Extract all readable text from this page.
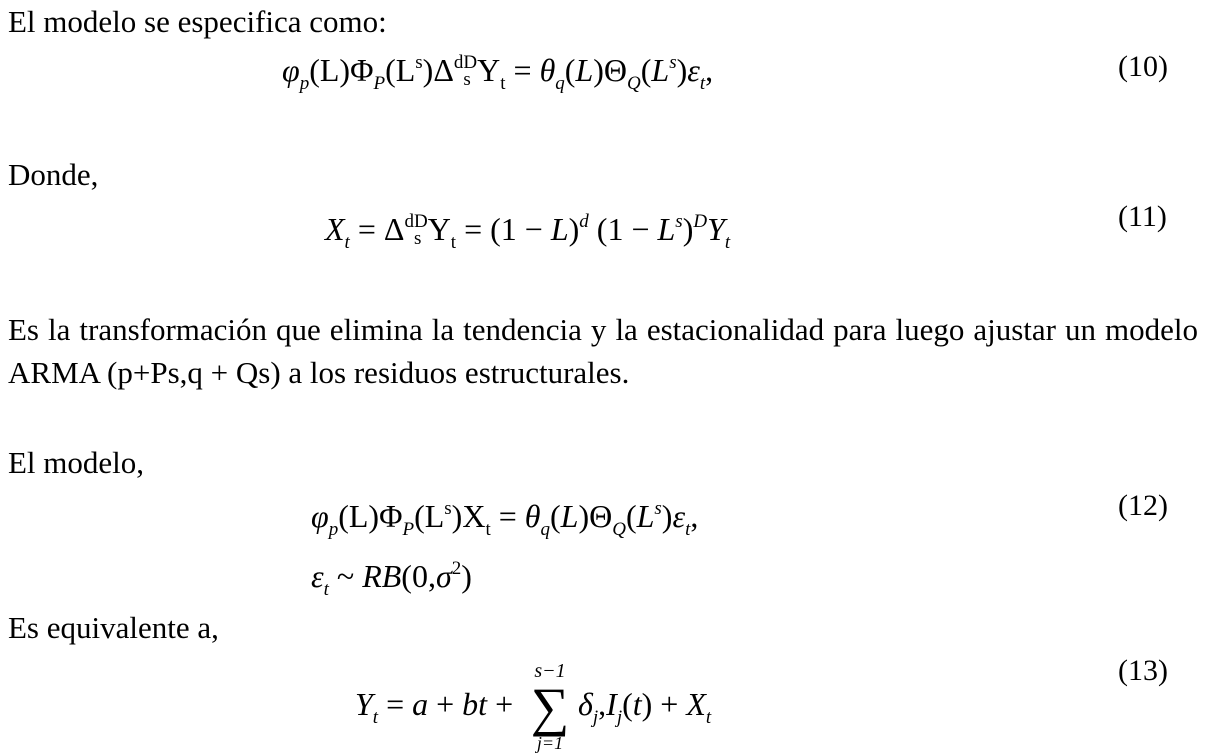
El modelo se especifica como:
$\varphi_p(L)\Phi_P(L^s)\Delta^d$ D
s $Y_t = \theta_q(L)\Theta_Q(L^s)\varepsilon_t$,	(10)
Donde,
$X_t = \Delta^d$ D
s $Y_t = (1 - L)^d$ $(1 - L^s)^DY_t$
(11)
Es la transformación que elimina la tendencia y la estacionalidad para luego ajustar un modelo ARMA (p+Ps,q + Qs) a los residuos estructurales.
El modelo,
$\varphi_p(L)\Phi_P(L^s)X_t = \theta_q(L)\Theta_Q(L^s)\varepsilon_t$,
$\varepsilon_t$ ~ $RB(0,\sigma^2)$
(12)
Es equivalente a,
$Y_t = a$ + bt +
s−1
∑
j=1
$\delta_j,I_j(t) + X_t$
(13)
